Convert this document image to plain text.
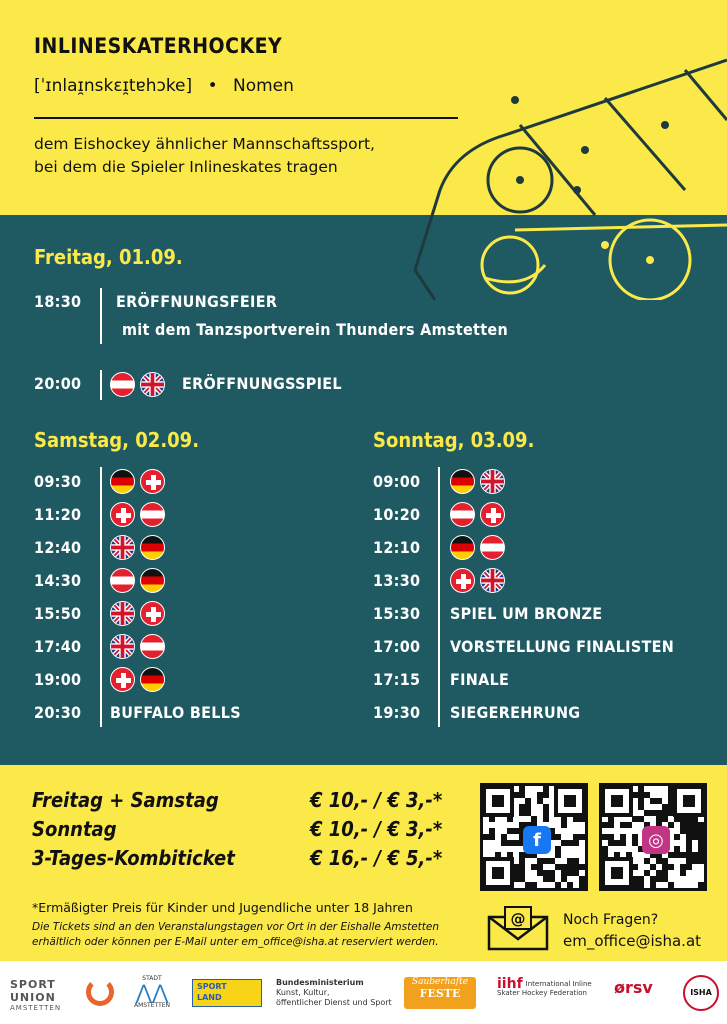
INLINESKATERHOCKEY
[ˈɪnlaɪ̯nskɛɪ̯tɐhɔke] • Nomen
dem Eishockey ähnlicher Mannschaftssport,
bei dem die Spieler Inlineskates tragen
Freitag, 01.09.
18:30 ERÖFFNUNGSFEIER
mit dem Tanzsportverein Thunders Amstetten
20:00	ERÖFFNUNGSSPIEL
Samstag, 02.09.
09:30
11:20
12:40
14:30
15:50
17:40
19:00
20:30 BUFFALO BELLS
Sonntag, 03.09.
09:00
10:20
12:10
13:30
15:30 SPIEL UM BRONZE
17:00 VORSTELLUNG FINALISTEN
17:15 FINALE
19:30 SIEGEREHRUNG
Freitag + Samstag	€ 10,- / € 3,-*
Sonntag	€ 10,- / € 3,-*
3-Tages-Kombiticket	€ 16,- / € 5,-*
f	◎
*Ermäßigter Preis für Kinder und Jugendliche unter 18 Jahren
Die Tickets sind an den Veranstalungstagen vor Ort in der Eishalle Amstetten
erhältlich oder können per E-Mail unter em_office@isha.at reserviert werden.
@	Noch Fragen?
em_office@isha.at
SPORT UNION
AMSTETTEN
STADT
⋀⋀
AMSTETTEN
SPORT
LAND
Bundesministerium
Kunst, Kultur,
öffentlicher Dienst und Sport
Sauberhafte
FESTE
iihf International Inline Skater Hockey Federation	ørsv	ISHA
